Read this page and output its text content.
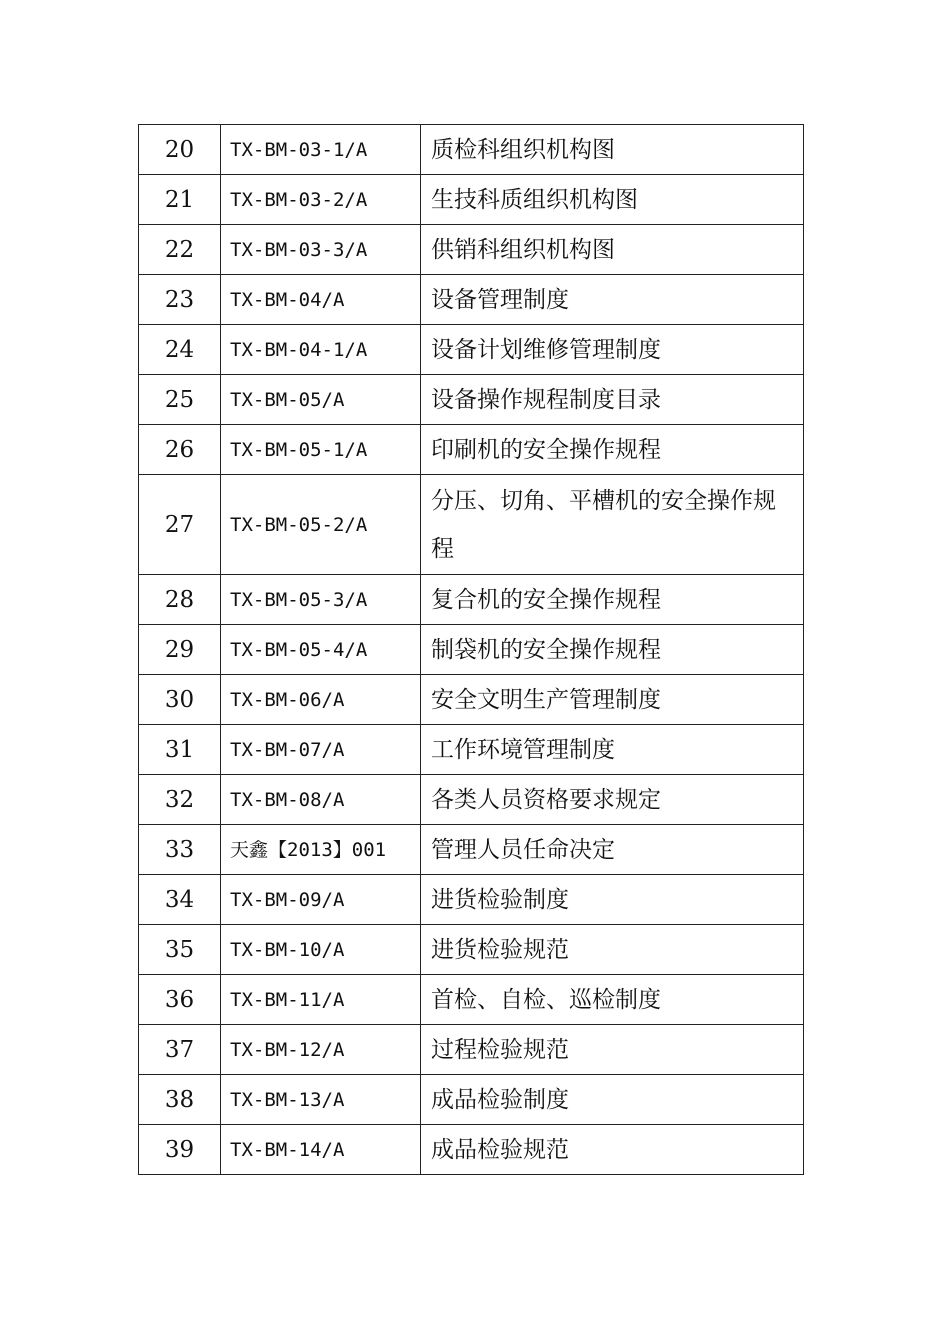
20	TX-BM-03-1/A	质检科组织机构图
21	TX-BM-03-2/A	生技科质组织机构图
22	TX-BM-03-3/A	供销科组织机构图
23	TX-BM-04/A	设备管理制度
24	TX-BM-04-1/A	设备计划维修管理制度
25	TX-BM-05/A	设备操作规程制度目录
26	TX-BM-05-1/A	印刷机的安全操作规程
27	TX-BM-05-2/A	分压、切角、平槽机的安全操作规程
28	TX-BM-05-3/A	复合机的安全操作规程
29	TX-BM-05-4/A	制袋机的安全操作规程
30	TX-BM-06/A	安全文明生产管理制度
31	TX-BM-07/A	工作环境管理制度
32	TX-BM-08/A	各类人员资格要求规定
33	天鑫【2013】001	管理人员任命决定
34	TX-BM-09/A	进货检验制度
35	TX-BM-10/A	进货检验规范
36	TX-BM-11/A	首检、自检、巡检制度
37	TX-BM-12/A	过程检验规范
38	TX-BM-13/A	成品检验制度
39	TX-BM-14/A	成品检验规范
